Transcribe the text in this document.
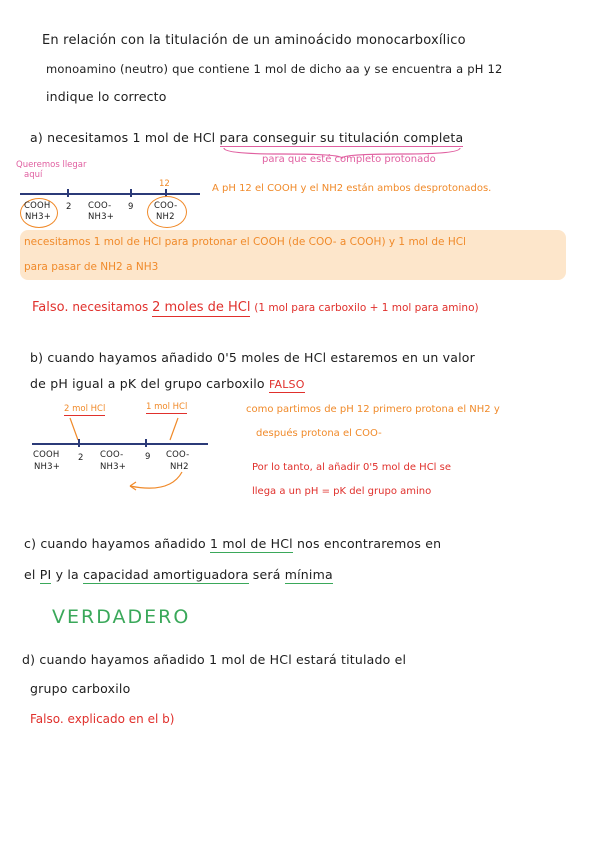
En relación con la titulación de un aminoácido monocarboxílico
monoamino (neutro) que contiene 1 mol de dicho aa y se encuentra a pH 12
indique lo correcto
a) necesitamos 1 mol de HCl para conseguir su titulación completa
Queremos llegar
aquí
para que esté completo protonado
2	9
12
COOH
NH3+
COO-
NH3+
COO-
NH2
A pH 12 el COOH y el NH2 están ambos desprotonados.
necesitamos 1 mol de HCl para protonar el COOH (de COO- a COOH) y 1 mol de HCl
para pasar de NH2 a NH3
Falso. necesitamos 2 moles de HCl (1 mol para carboxilo + 1 mol para amino)
b) cuando hayamos añadido 0'5 moles de HCl estaremos en un valor
de pH igual a pK del grupo carboxilo FALSO
2 mol HCl	1 mol HCl
2	9
COOH
NH3+
COO-
NH3+
COO-
NH2
como partimos de pH 12 primero protona el NH2 y
después protona el COO-
Por lo tanto, al añadir 0'5 mol de HCl se
llega a un pH = pK del grupo amino
c) cuando hayamos añadido 1 mol de HCl nos encontraremos en
el PI y la capacidad amortiguadora será mínima
VERDADERO
d) cuando hayamos añadido 1 mol de HCl estará titulado el
grupo carboxilo
Falso. explicado en el b)
